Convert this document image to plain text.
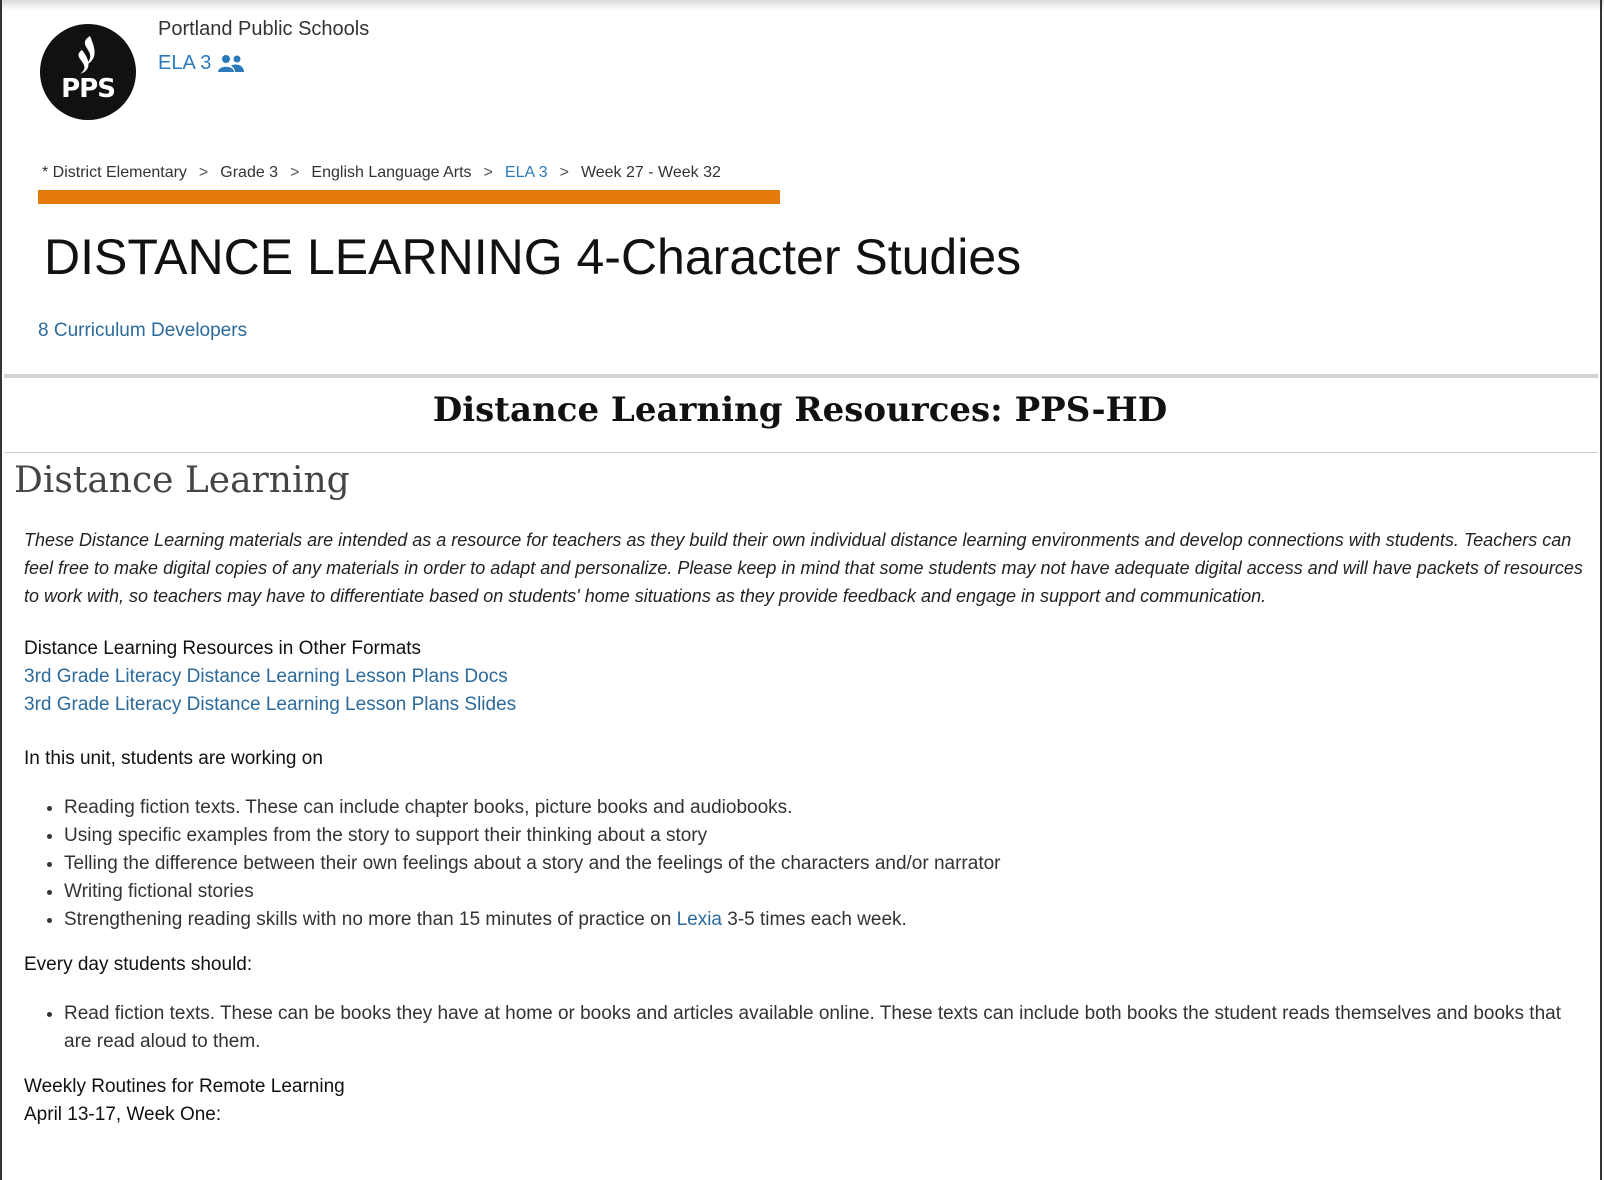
PPS
Portland Public Schools
ELA 3
* District Elementary > Grade 3 > English Language Arts > ELA 3 > Week 27 - Week 32
DISTANCE LEARNING 4-Character Studies
8 Curriculum Developers
Distance Learning Resources: PPS-HD
Distance Learning

These Distance Learning materials are intended as a resource for teachers as they build their own individual distance learning environments and develop connections with students. Teachers can feel free to make digital copies of any materials in order to adapt and personalize. Please keep in mind that some students may not have adequate digital access and will have packets of resources to work with, so teachers may have to differentiate based on students' home situations as they provide feedback and engage in support and communication.

Distance Learning Resources in Other Formats
3rd Grade Literacy Distance Learning Lesson Plans Docs
3rd Grade Literacy Distance Learning Lesson Plans Slides
In this unit, students are working on
• Reading fiction texts. These can include chapter books, picture books and audiobooks.
• Using specific examples from the story to support their thinking about a story
• Telling the difference between their own feelings about a story and the feelings of the characters and/or narrator
• Writing fictional stories
• Strengthening reading skills with no more than 15 minutes of practice on Lexia 3-5 times each week.
Every day students should:
• Read fiction texts. These can be books they have at home or books and articles available online. These texts can include both books the student reads themselves and books that are read aloud to them.
Weekly Routines for Remote Learning
April 13-17, Week One:
